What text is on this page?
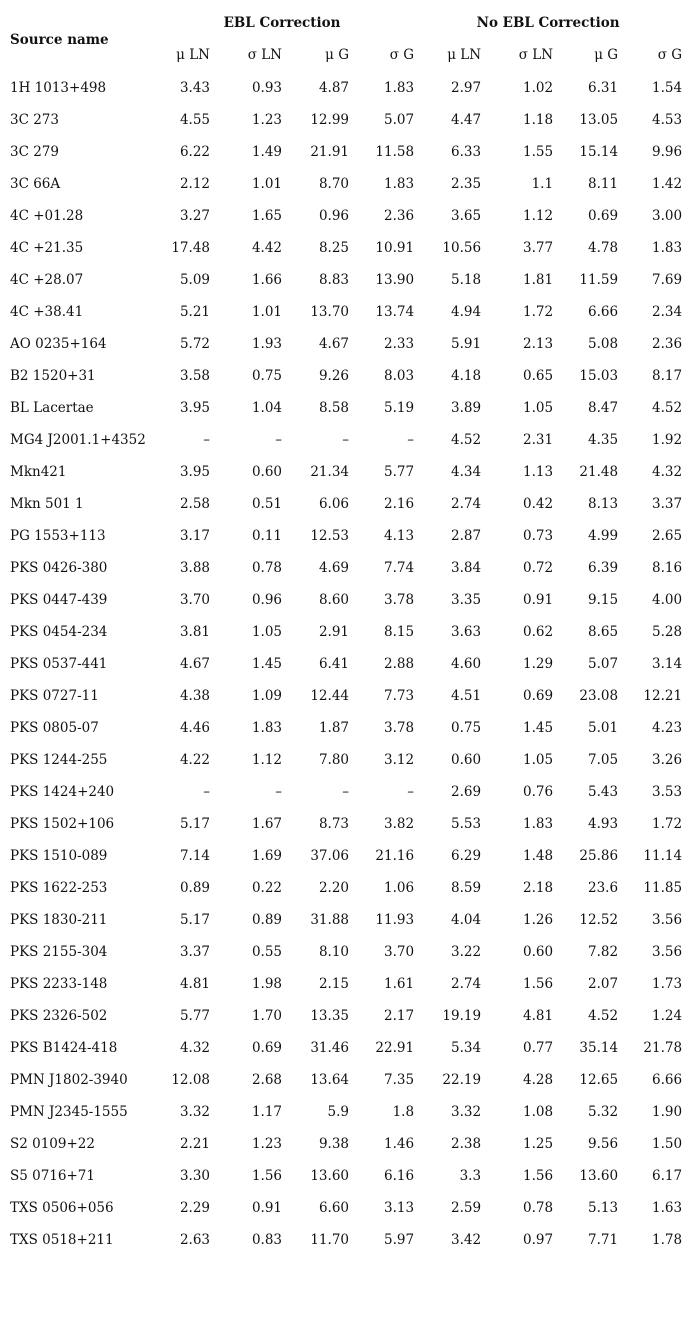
Source name	EBL Correction				No EBL Correction			
	μ LN	σ LN	μ G	σ G	μ LN	σ LN	μ G	σ G
1H 1013+498	3.43	0.93	4.87	1.83	2.97	1.02	6.31	1.54
3C 273	4.55	1.23	12.99	5.07	4.47	1.18	13.05	4.53
3C 279	6.22	1.49	21.91	11.58	6.33	1.55	15.14	9.96
3C 66A	2.12	1.01	8.70	1.83	2.35	1.1	8.11	1.42
4C +01.28	3.27	1.65	0.96	2.36	3.65	1.12	0.69	3.00
4C +21.35	17.48	4.42	8.25	10.91	10.56	3.77	4.78	1.83
4C +28.07	5.09	1.66	8.83	13.90	5.18	1.81	11.59	7.69
4C +38.41	5.21	1.01	13.70	13.74	4.94	1.72	6.66	2.34
AO 0235+164	5.72	1.93	4.67	2.33	5.91	2.13	5.08	2.36
B2 1520+31	3.58	0.75	9.26	8.03	4.18	0.65	15.03	8.17
BL Lacertae	3.95	1.04	8.58	5.19	3.89	1.05	8.47	4.52
MG4 J2001.1+4352	–	–	–	–	4.52	2.31	4.35	1.92
Mkn421	3.95	0.60	21.34	5.77	4.34	1.13	21.48	4.32
Mkn 501 1	2.58	0.51	6.06	2.16	2.74	0.42	8.13	3.37
PG 1553+113	3.17	0.11	12.53	4.13	2.87	0.73	4.99	2.65
PKS 0426-380	3.88	0.78	4.69	7.74	3.84	0.72	6.39	8.16
PKS 0447-439	3.70	0.96	8.60	3.78	3.35	0.91	9.15	4.00
PKS 0454-234	3.81	1.05	2.91	8.15	3.63	0.62	8.65	5.28
PKS 0537-441	4.67	1.45	6.41	2.88	4.60	1.29	5.07	3.14
PKS 0727-11	4.38	1.09	12.44	7.73	4.51	0.69	23.08	12.21
PKS 0805-07	4.46	1.83	1.87	3.78	0.75	1.45	5.01	4.23
PKS 1244-255	4.22	1.12	7.80	3.12	0.60	1.05	7.05	3.26
PKS 1424+240	–	–	–	–	2.69	0.76	5.43	3.53
PKS 1502+106	5.17	1.67	8.73	3.82	5.53	1.83	4.93	1.72
PKS 1510-089	7.14	1.69	37.06	21.16	6.29	1.48	25.86	11.14
PKS 1622-253	0.89	0.22	2.20	1.06	8.59	2.18	23.6	11.85
PKS 1830-211	5.17	0.89	31.88	11.93	4.04	1.26	12.52	3.56
PKS 2155-304	3.37	0.55	8.10	3.70	3.22	0.60	7.82	3.56
PKS 2233-148	4.81	1.98	2.15	1.61	2.74	1.56	2.07	1.73
PKS 2326-502	5.77	1.70	13.35	2.17	19.19	4.81	4.52	1.24
PKS B1424-418	4.32	0.69	31.46	22.91	5.34	0.77	35.14	21.78
PMN J1802-3940	12.08	2.68	13.64	7.35	22.19	4.28	12.65	6.66
PMN J2345-1555	3.32	1.17	5.9	1.8	3.32	1.08	5.32	1.90
S2 0109+22	2.21	1.23	9.38	1.46	2.38	1.25	9.56	1.50
S5 0716+71	3.30	1.56	13.60	6.16	3.3	1.56	13.60	6.17
TXS 0506+056	2.29	0.91	6.60	3.13	2.59	0.78	5.13	1.63
TXS 0518+211	2.63	0.83	11.70	5.97	3.42	0.97	7.71	1.78
